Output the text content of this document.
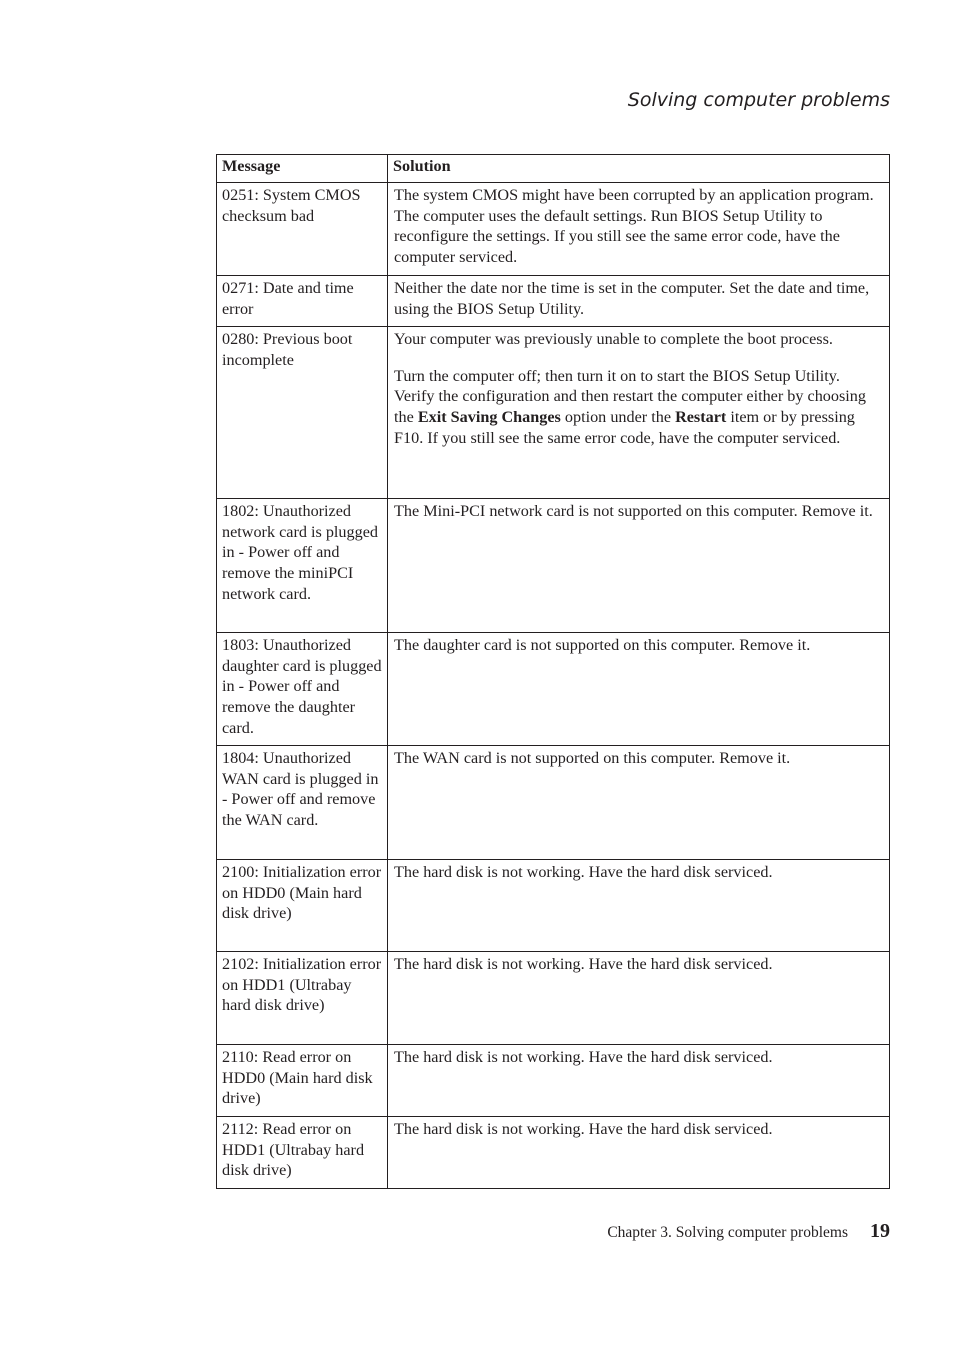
Solving computer problems
Message	Solution
0251: System CMOS checksum bad	The system CMOS might have been corrupted by an application program. The computer uses the default settings. Run BIOS Setup Utility to reconfigure the settings. If you still see the same error code, have the computer serviced.

0271: Date and time error	Neither the date nor the time is set in the computer. Set the date and time, using the BIOS Setup Utility.

0280: Previous boot incomplete	Your computer was previously unable to complete the boot process.

Turn the computer off; then turn it on to start the BIOS Setup Utility. Verify the configuration and then restart the computer either by choosing the Exit Saving Changes option under the Restart item or by pressing F10. If you still see the same error code, have the computer serviced.

1802: Unauthorized network card is plugged in - Power off and remove the miniPCI network card.	The Mini-PCI network card is not supported on this computer. Remove it.

1803: Unauthorized daughter card is plugged in - Power off and remove the daughter card.	The daughter card is not supported on this computer. Remove it.

1804: Unauthorized WAN card is plugged in - Power off and remove the WAN card.	The WAN card is not supported on this computer. Remove it.

2100: Initialization error on HDD0 (Main hard disk drive)	The hard disk is not working. Have the hard disk serviced.

2102: Initialization error on HDD1 (Ultrabay hard disk drive)	The hard disk is not working. Have the hard disk serviced.

2110: Read error on HDD0 (Main hard disk drive)	The hard disk is not working. Have the hard disk serviced.

2112: Read error on HDD1 (Ultrabay hard disk drive)	The hard disk is not working. Have the hard disk serviced.

Chapter 3. Solving computer problems 19
